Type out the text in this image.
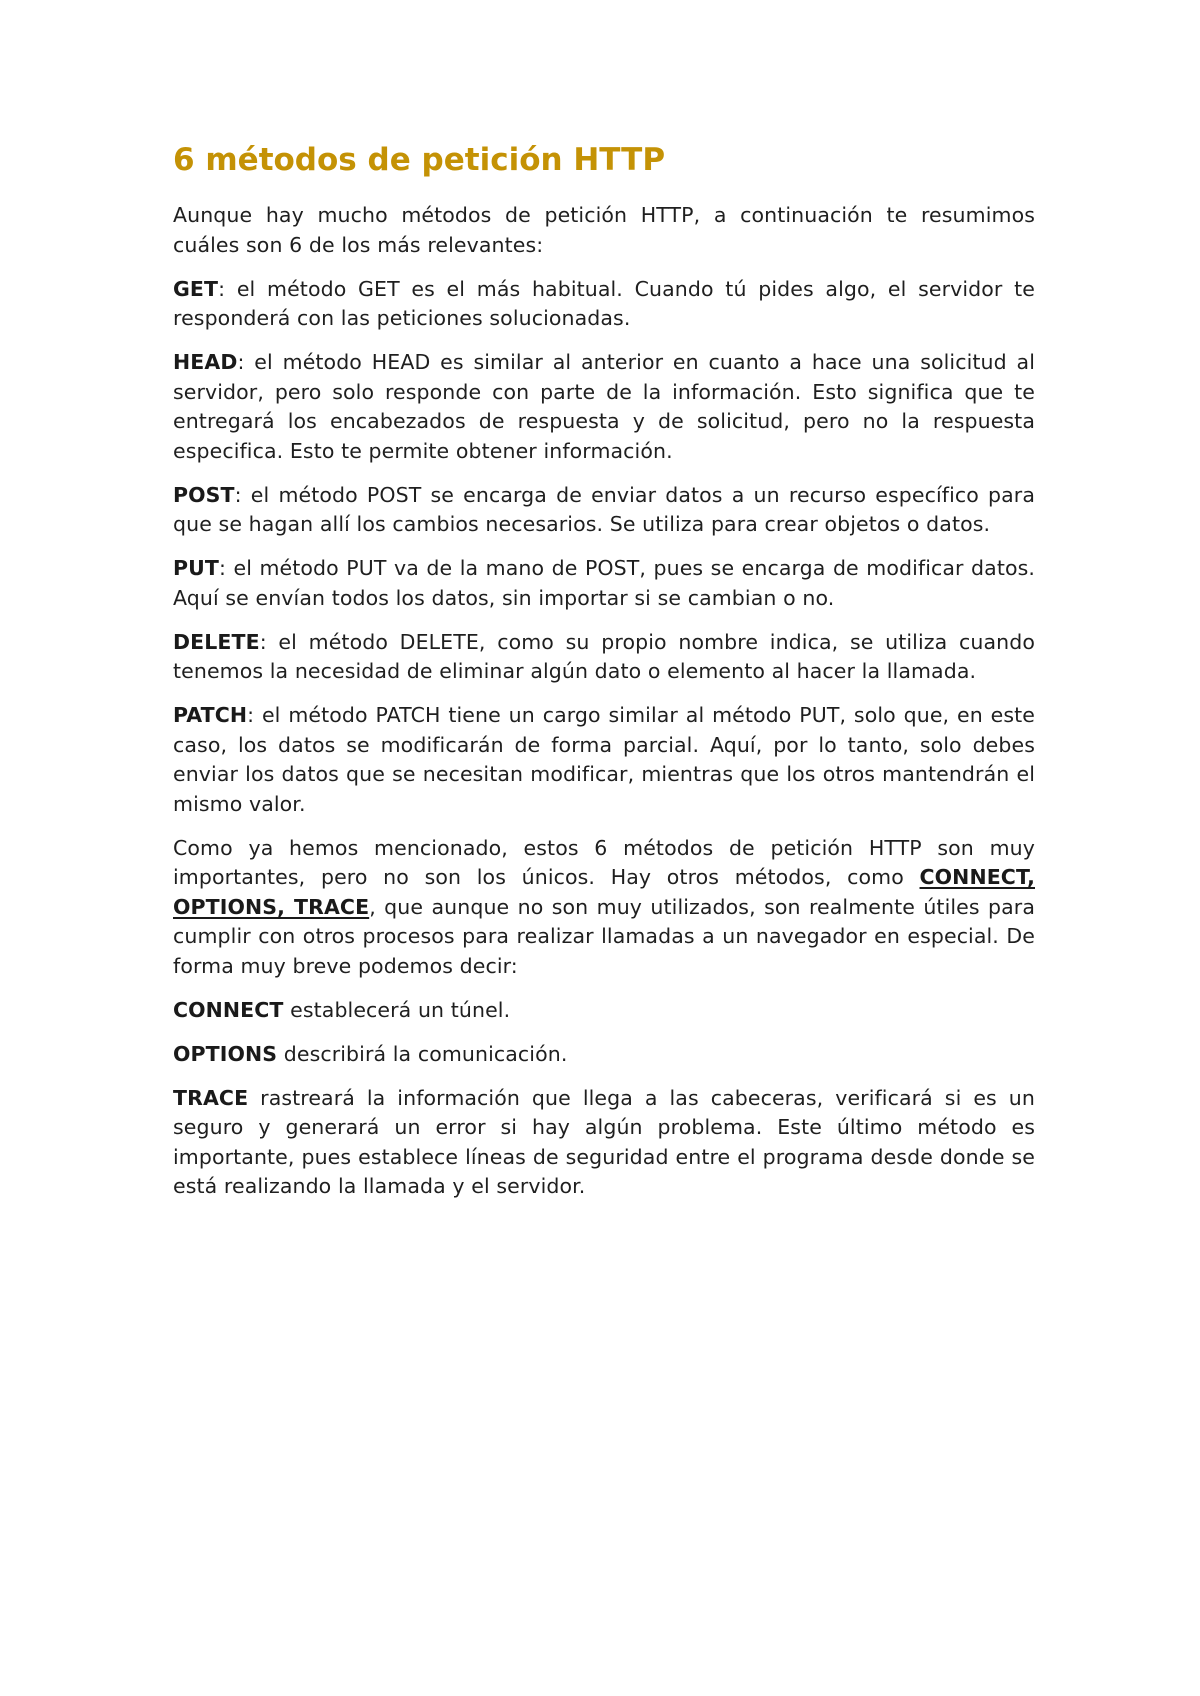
6 métodos de petición HTTP

Aunque hay mucho métodos de petición HTTP, a continuación te resumimos cuáles son 6 de los más relevantes:

GET: el método GET es el más habitual. Cuando tú pides algo, el servidor te responderá con las peticiones solucionadas.

HEAD: el método HEAD es similar al anterior en cuanto a hace una solicitud al servidor, pero solo responde con parte de la información. Esto significa que te entregará los encabezados de respuesta y de solicitud, pero no la respuesta especifica. Esto te permite obtener información.

POST: el método POST se encarga de enviar datos a un recurso específico para que se hagan allí los cambios necesarios. Se utiliza para crear objetos o datos.

PUT: el método PUT va de la mano de POST, pues se encarga de modificar datos. Aquí se envían todos los datos, sin importar si se cambian o no.

DELETE: el método DELETE, como su propio nombre indica, se utiliza cuando tenemos la necesidad de eliminar algún dato o elemento al hacer la llamada.

PATCH: el método PATCH tiene un cargo similar al método PUT, solo que, en este caso, los datos se modificarán de forma parcial. Aquí, por lo tanto, solo debes enviar los datos que se necesitan modificar, mientras que los otros mantendrán el mismo valor.

Como ya hemos mencionado, estos 6 métodos de petición HTTP son muy importantes, pero no son los únicos. Hay otros métodos, como CONNECT, OPTIONS, TRACE, que aunque no son muy utilizados, son realmente útiles para cumplir con otros procesos para realizar llamadas a un navegador en especial. De forma muy breve podemos decir:

CONNECT establecerá un túnel.

OPTIONS describirá la comunicación.

TRACE rastreará la información que llega a las cabeceras, verificará si es un seguro y generará un error si hay algún problema. Este último método es importante, pues establece líneas de seguridad entre el programa desde donde se está realizando la llamada y el servidor.
